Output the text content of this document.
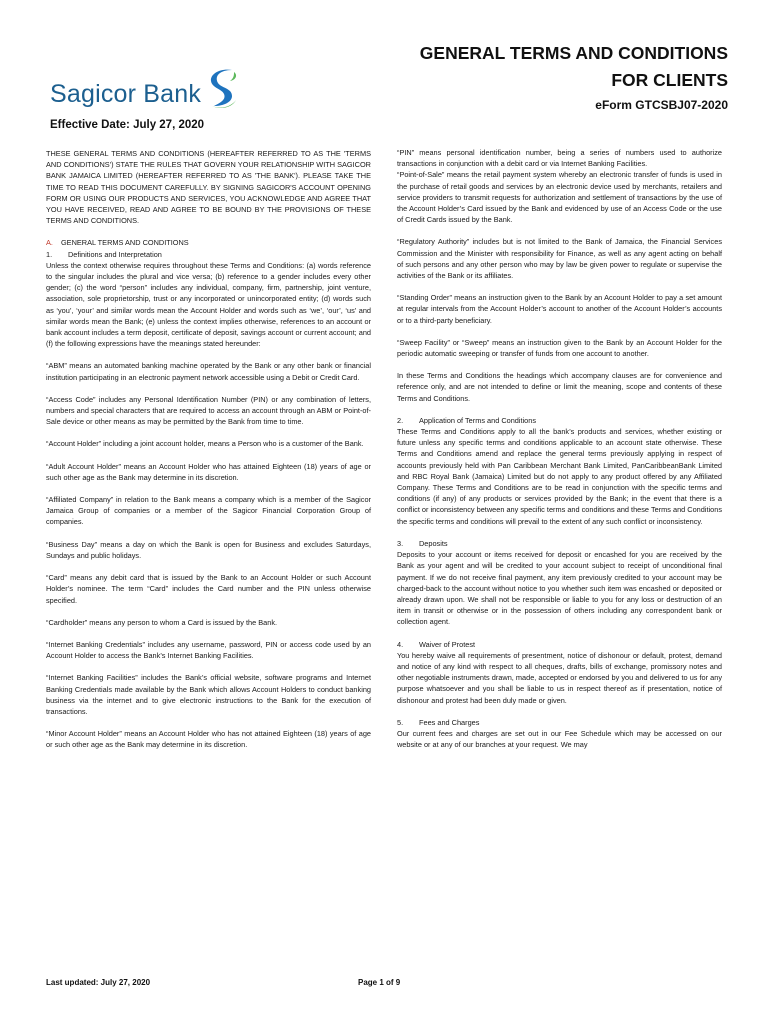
Sagicor Bank
GENERAL TERMS AND CONDITIONS
FOR CLIENTS
eForm GTCSBJ07-2020
Effective Date: July 27, 2020

THESE GENERAL TERMS AND CONDITIONS (HEREAFTER REFERRED TO AS THE 'TERMS AND CONDITIONS') STATE THE RULES THAT GOVERN YOUR RELATIONSHIP WITH SAGICOR BANK JAMAICA LIMITED (HEREAFTER REFERRED TO AS 'THE BANK'). PLEASE TAKE THE TIME TO READ THIS DOCUMENT CAREFULLY. BY SIGNING SAGICOR'S ACCOUNT OPENING FORM OR USING OUR PRODUCTS AND SERVICES, YOU ACKNOWLEDGE AND AGREE THAT YOU HAVE RECEIVED, READ AND AGREE TO BE BOUND BY THE PROVISIONS OF THESE TERMS AND CONDITIONS.

A. GENERAL TERMS AND CONDITIONS
1. Definitions and Interpretation

Unless the context otherwise requires throughout these Terms and Conditions: (a) words reference to the singular includes the plural and vice versa; (b) reference to a gender includes every other gender; (c) the word “person” includes any individual, company, firm, partnership, joint venture, association, sole proprietorship, trust or any incorporated or unincorporated entity; (d) words such as ‘you’, ‘your’ and similar words mean the Account Holder and words such as ‘we’, ‘our’, ‘us’ and similar words mean the Bank; (e) unless the context implies otherwise, references to an account or bank account includes a term deposit, certificate of deposit, savings account or current account; and (f) the following expressions have the meanings stated hereunder:

“ABM” means an automated banking machine operated by the Bank or any other bank or financial institution participating in an electronic payment network accessible using a Debit or Credit Card.

“Access Code” includes any Personal Identification Number (PIN) or any combination of letters, numbers and special characters that are required to access an account through an ABM or Point-of-Sale device or other means as may be permitted by the Bank from time to time.

“Account Holder” including a joint account holder, means a Person who is a customer of the Bank.

“Adult Account Holder” means an Account Holder who has attained Eighteen (18) years of age or such other age as the Bank may determine in its discretion.

“Affiliated Company” in relation to the Bank means a company which is a member of the Sagicor Jamaica Group of companies or a member of the Sagicor Financial Corporation Group of companies.

“Business Day” means a day on which the Bank is open for Business and excludes Saturdays, Sundays and public holidays.

“Card” means any debit card that is issued by the Bank to an Account Holder or such Account Holder’s nominee. The term “Card” includes the Card number and the PIN unless otherwise specified.

“Cardholder” means any person to whom a Card is issued by the Bank.

“Internet Banking Credentials” includes any username, password, PIN or access code used by an Account Holder to access the Bank’s Internet Banking Facilities.

“Internet Banking Facilities” includes the Bank’s official website, software programs and Internet Banking Credentials made available by the Bank which allows Account Holders to conduct banking business via the internet and to give electronic instructions to the Bank for the execution of transactions.

“Minor Account Holder” means an Account Holder who has not attained Eighteen (18) years of age or such other age as the Bank may determine in its discretion.

“PIN” means personal identification number, being a series of numbers used to authorize transactions in conjunction with a debit card or via Internet Banking Facilities.

“Point-of-Sale” means the retail payment system whereby an electronic transfer of funds is used in the purchase of retail goods and services by an electronic device used by merchants, retailers and service providers to transmit requests for authorization and settlement of transactions by the use of the Account Holder’s Card issued by the Bank and evidenced by use of an Access Code or the use of Credit Cards issued by the Bank.

“Regulatory Authority” includes but is not limited to the Bank of Jamaica, the Financial Services Commission and the Minister with responsibility for Finance, as well as any agent acting on behalf of such persons and any other person who may by law be given power to regulate or supervise the activities of the Bank or its affiliates.

“Standing Order” means an instruction given to the Bank by an Account Holder to pay a set amount at regular intervals from the Account Holder’s account to another of the Account Holder’s accounts or to a third-party beneficiary.

“Sweep Facility” or “Sweep” means an instruction given to the Bank by an Account Holder for the periodic automatic sweeping or transfer of funds from one account to another.

In these Terms and Conditions the headings which accompany clauses are for convenience and reference only, and are not intended to define or limit the meaning, scope and contents of these Terms and Conditions.

2. Application of Terms and Conditions

These Terms and Conditions apply to all the bank’s products and services, whether existing or future unless any specific terms and conditions applicable to an account state otherwise. These Terms and Conditions amend and replace the general terms previously applying in respect of accounts previously held with Pan Caribbean Merchant Bank Limited, PanCaribbeanBank Limited and RBC Royal Bank (Jamaica) Limited but do not apply to any product offered by any Affiliated Company. These Terms and Conditions are to be read in conjunction with the specific terms and conditions (if any) of any products or services provided by the Bank; in the event that there is a conflict or inconsistency between any specific terms and conditions and these Terms and Conditions the specific terms and conditions will prevail to the extent of any such conflict or inconsistency.

3. Deposits

Deposits to your account or items received for deposit or encashed for you are received by the Bank as your agent and will be credited to your account subject to receipt of unconditional final payment. If we do not receive final payment, any item previously credited to your account may be charged-back to the account without notice to you whether such item was encashed or deposited or already drawn upon. We shall not be responsible or liable to you for any loss or destruction of an item in transit or otherwise or in the possession of others including any correspondent bank or collection agent.

4. Waiver of Protest

You hereby waive all requirements of presentment, notice of dishonour or default, protest, demand and notice of any kind with respect to all cheques, drafts, bills of exchange, promissory notes and other negotiable instruments drawn, made, accepted or endorsed by you and delivered to us for any purpose whatsoever and you shall be liable to us in respect thereof as if presentation, notice of dishonour and protest had been duly made or given.

5. Fees and Charges

Our current fees and charges are set out in our Fee Schedule which may be accessed on our website or at any of our branches at your request. We may

Last updated: July 27, 2020	Page 1 of 9
